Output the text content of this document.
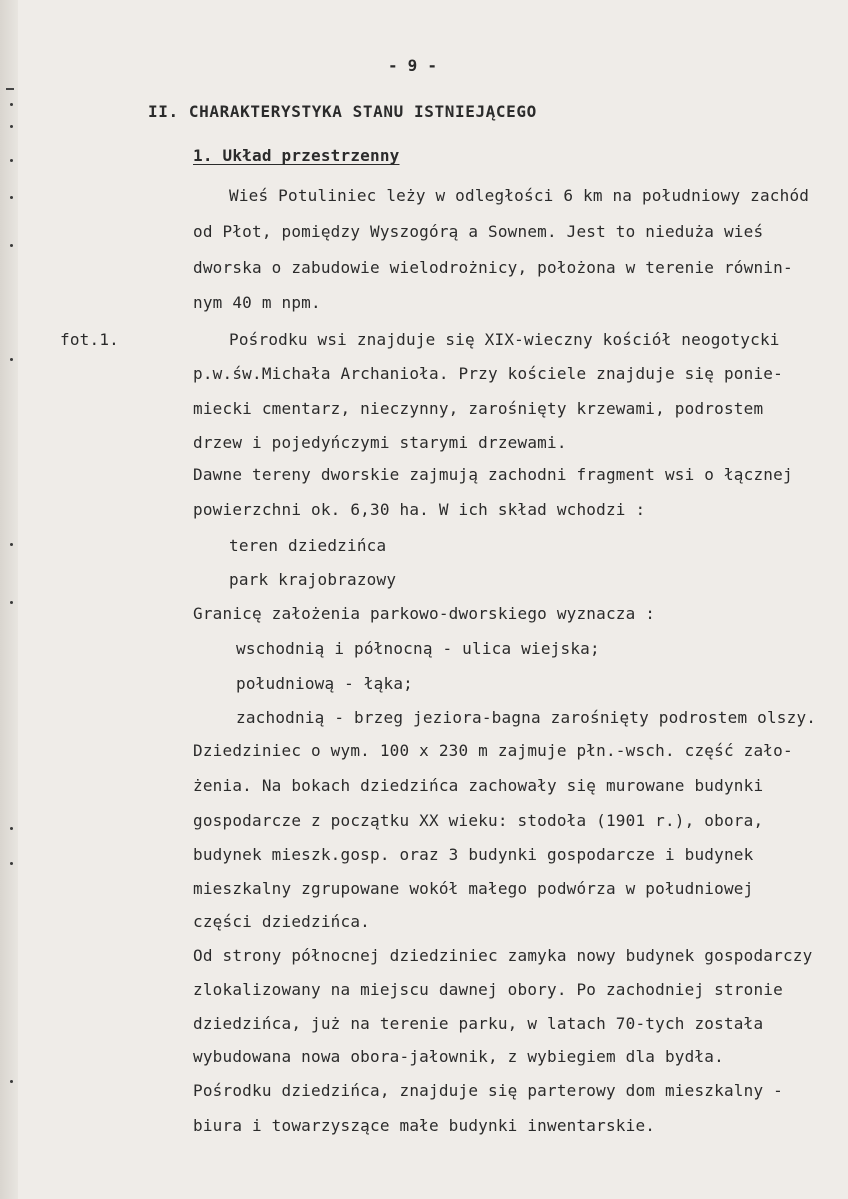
- 9 -
II. CHARAKTERYSTYKA STANU ISTNIEJĄCEGO
1. Układ przestrzenny
fot.1.
Wieś Potuliniec leży w odległości 6 km na południowy zachód
od Płot, pomiędzy Wyszogórą a Sownem. Jest to nieduża wieś
dworska o zabudowie wielodrożnicy, położona w terenie równin-
nym 40 m npm.
Pośrodku wsi znajduje się XIX-wieczny kościół neogotycki
p.w.św.Michała Archanioła. Przy kościele znajduje się ponie-
miecki cmentarz, nieczynny, zarośnięty krzewami, podrostem
drzew i pojedyńczymi starymi drzewami.
Dawne tereny dworskie zajmują zachodni fragment wsi o łącznej
powierzchni ok. 6,30 ha. W ich skład wchodzi :
teren dziedzińca
park krajobrazowy
Granicę założenia parkowo-dworskiego wyznacza :
wschodnią i północną - ulica wiejska;
południową - łąka;
zachodnią - brzeg jeziora-bagna zarośnięty podrostem olszy.
Dziedziniec o wym. 100 x 230 m zajmuje płn.-wsch. część zało-
żenia. Na bokach dziedzińca zachowały się murowane budynki
gospodarcze z początku XX wieku: stodoła (1901 r.), obora,
budynek mieszk.gosp. oraz 3 budynki gospodarcze i budynek
mieszkalny zgrupowane wokół małego podwórza w południowej
części dziedzińca.
Od strony północnej dziedziniec zamyka nowy budynek gospodarczy
zlokalizowany na miejscu dawnej obory. Po zachodniej stronie
dziedzińca, już na terenie parku, w latach 70-tych została
wybudowana nowa obora-jałownik, z wybiegiem dla bydła.
Pośrodku dziedzińca, znajduje się parterowy dom mieszkalny -
biura i towarzyszące małe budynki inwentarskie.
